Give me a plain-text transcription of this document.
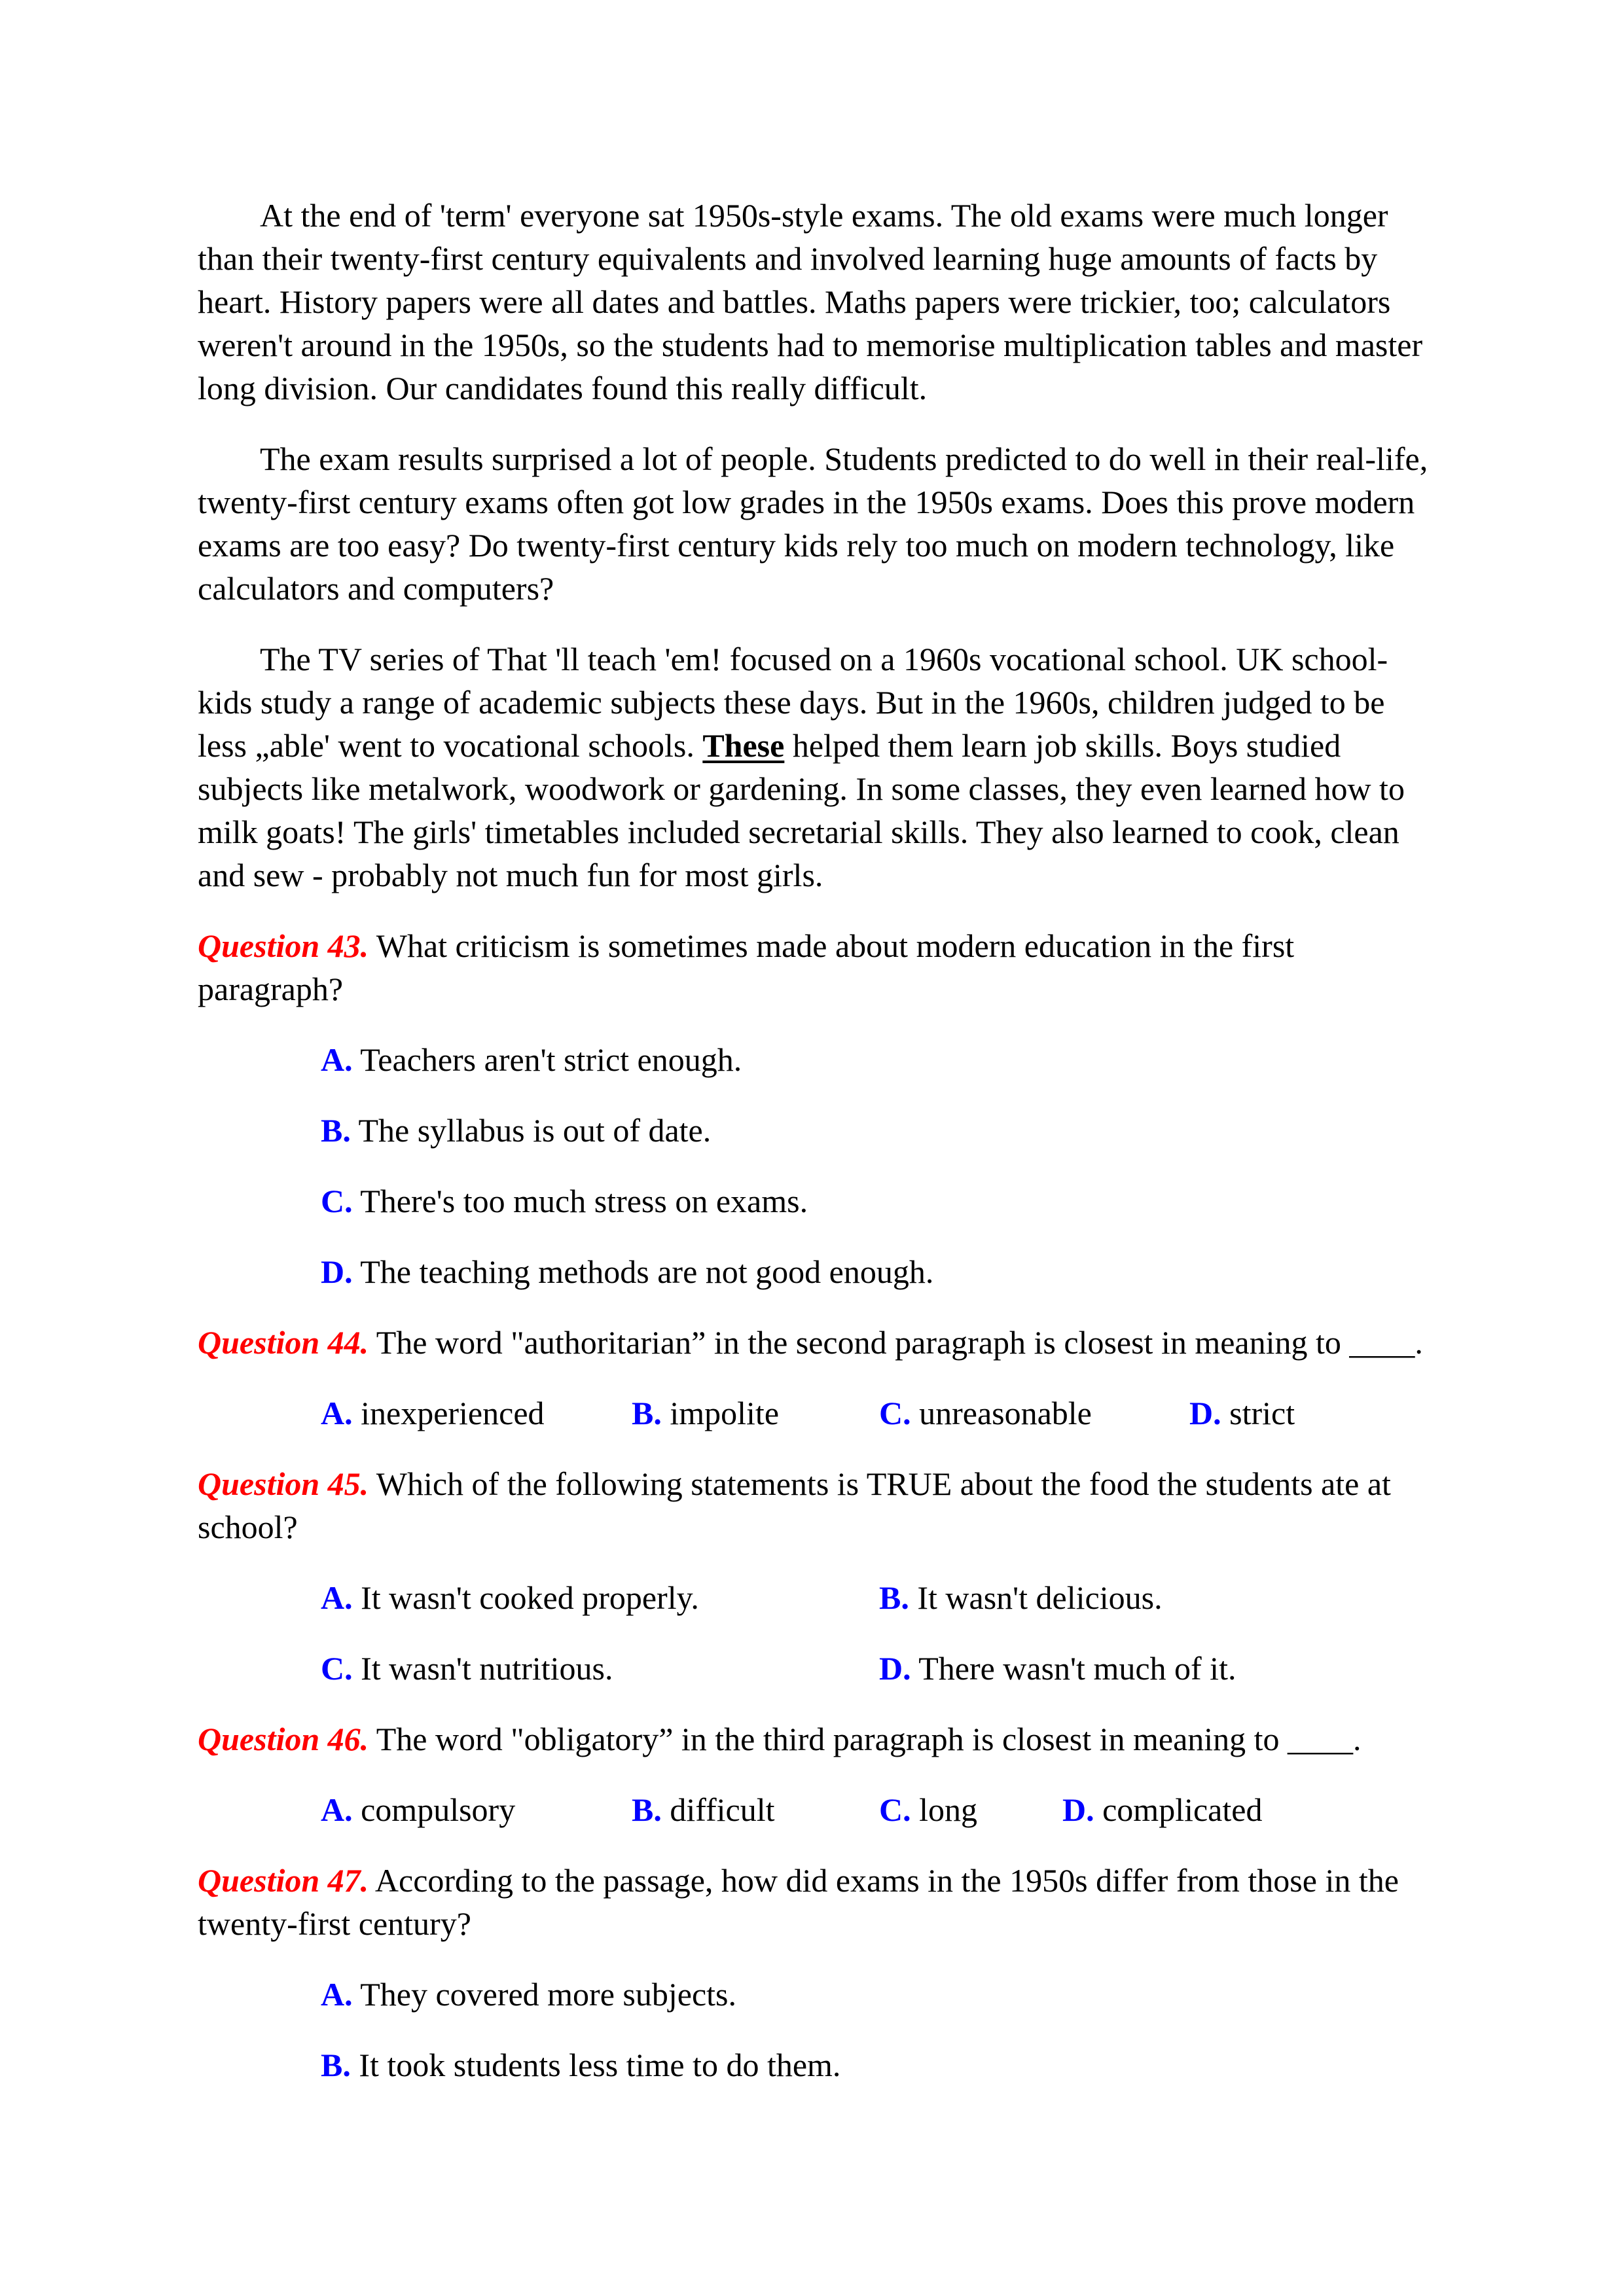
At the end of 'term' everyone sat 1950s-style exams. The old exams were much longer
than their twenty-first century equivalents and involved learning huge amounts of facts by
heart. History papers were all dates and battles. Maths papers were trickier, too; calculators
weren't around in the 1950s, so the students had to memorise multiplication tables and master
long division. Our candidates found this really difficult.
The exam results surprised a lot of people. Students predicted to do well in their real-life,
twenty-first century exams often got low grades in the 1950s exams. Does this prove modern
exams are too easy? Do twenty-first century kids rely too much on modern technology, like
calculators and computers?
The TV series of That 'll teach 'em! focused on a 1960s vocational school. UK school-
kids study a range of academic subjects these days. But in the 1960s, children judged to be
less „able' went to vocational schools. These helped them learn job skills. Boys studied
subjects like metalwork, woodwork or gardening. In some classes, they even learned how to
milk goats! The girls' timetables included secretarial skills. They also learned to cook, clean
and sew - probably not much fun for most girls.
Question 43. What criticism is sometimes made about modern education in the first
paragraph?
A. Teachers aren't strict enough.
B. The syllabus is out of date.
C. There's too much stress on exams.
D. The teaching methods are not good enough.
Question 44. The word "authoritarian” in the second paragraph is closest in meaning to ____.
A. inexperienced	B. impolite	C. unreasonable	D. strict
Question 45. Which of the following statements is TRUE about the food the students ate at
school?
A. It wasn't cooked properly.	B. It wasn't delicious.
C. It wasn't nutritious.	D. There wasn't much of it.
Question 46. The word "obligatory” in the third paragraph is closest in meaning to ____.
A. compulsory	B. difficult	C. long	D. complicated
Question 47. According to the passage, how did exams in the 1950s differ from those in the
twenty-first century?
A. They covered more subjects.
B. It took students less time to do them.
